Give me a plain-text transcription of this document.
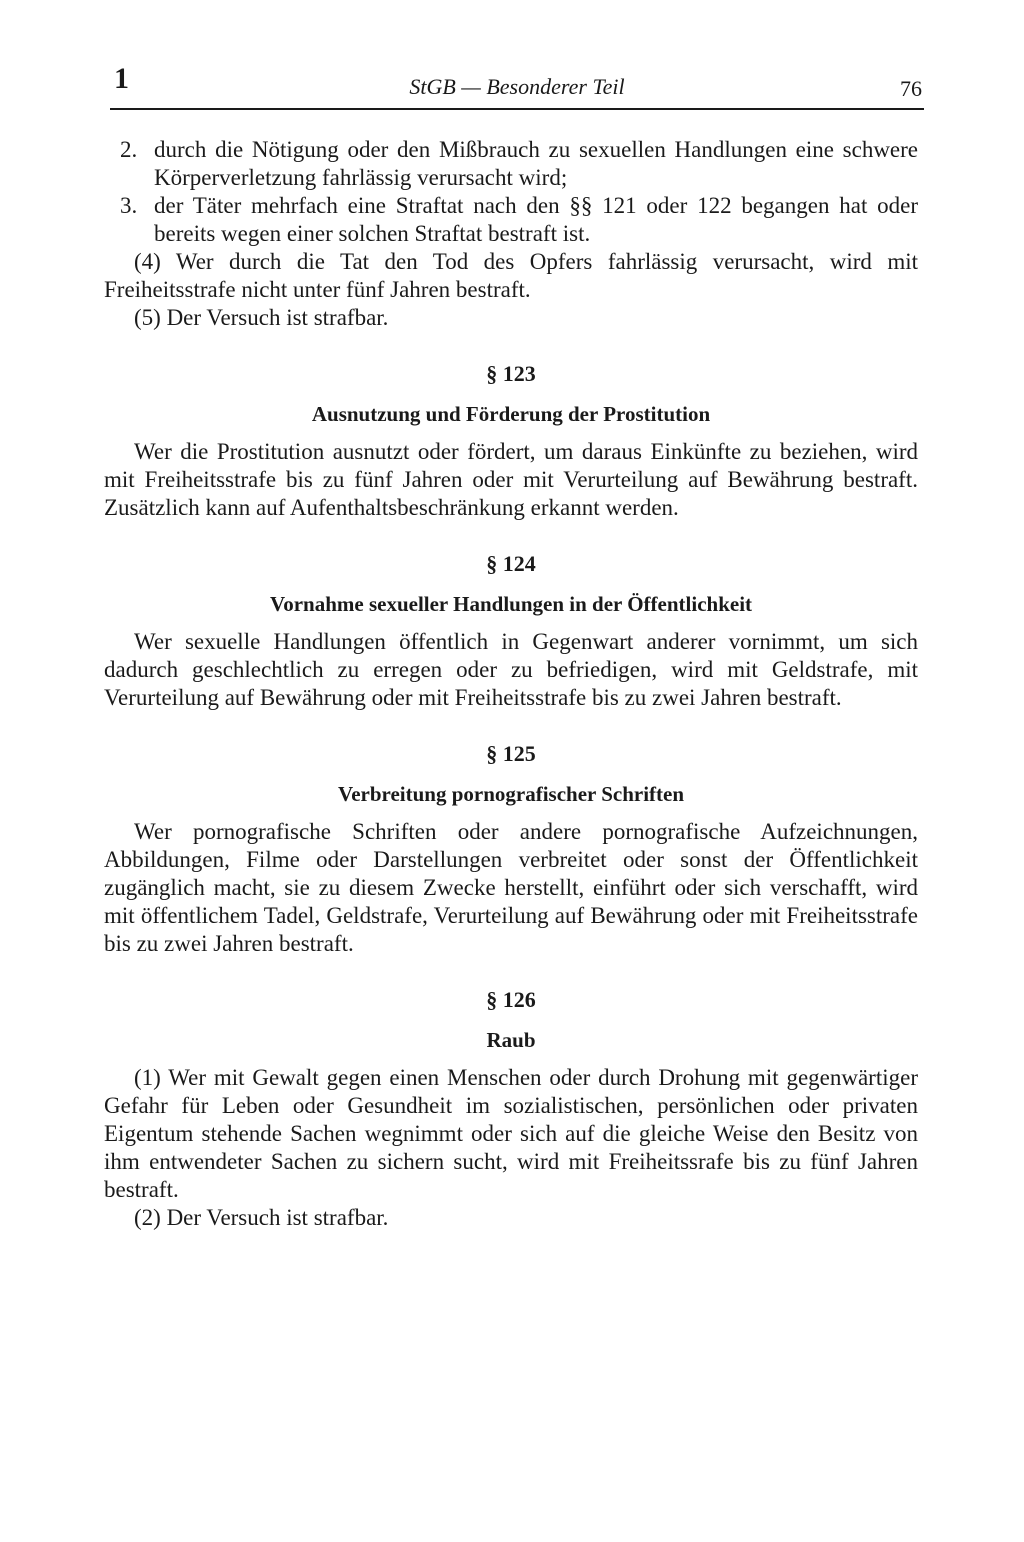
1	StGB — Besonderer Teil	76
2. durch die Nötigung oder den Mißbrauch zu sexuellen Handlungen eine schwere Körperverletzung fahrlässig verursacht wird;
3. der Täter mehrfach eine Straftat nach den §§ 121 oder 122 begangen hat oder bereits wegen einer solchen Straftat bestraft ist.

(4) Wer durch die Tat den Tod des Opfers fahrlässig verursacht, wird mit Freiheitsstrafe nicht unter fünf Jahren bestraft.

(5) Der Versuch ist strafbar.

§ 123
Ausnutzung und Förderung der Prostitution

Wer die Prostitution ausnutzt oder fördert, um daraus Einkünfte zu beziehen, wird mit Freiheitsstrafe bis zu fünf Jahren oder mit Verurteilung auf Bewährung bestraft. Zusätzlich kann auf Aufenthaltsbeschränkung erkannt werden.

§ 124
Vornahme sexueller Handlungen in der Öffentlichkeit

Wer sexuelle Handlungen öffentlich in Gegenwart anderer vornimmt, um sich dadurch geschlechtlich zu erregen oder zu befriedigen, wird mit Geldstrafe, mit Verurteilung auf Bewährung oder mit Freiheitsstrafe bis zu zwei Jahren bestraft.

§ 125
Verbreitung pornografischer Schriften

Wer pornografische Schriften oder andere pornografische Aufzeichnungen, Abbildungen, Filme oder Darstellungen verbreitet oder sonst der Öffentlichkeit zugänglich macht, sie zu diesem Zwecke herstellt, einführt oder sich verschafft, wird mit öffentlichem Tadel, Geldstrafe, Verurteilung auf Bewährung oder mit Freiheitsstrafe bis zu zwei Jahren bestraft.

§ 126
Raub

(1) Wer mit Gewalt gegen einen Menschen oder durch Drohung mit gegenwärtiger Gefahr für Leben oder Gesundheit im sozialistischen, persönlichen oder privaten Eigentum stehende Sachen wegnimmt oder sich auf die gleiche Weise den Besitz von ihm entwendeter Sachen zu sichern sucht, wird mit Freiheitssrafe bis zu fünf Jahren bestraft.

(2) Der Versuch ist strafbar.
